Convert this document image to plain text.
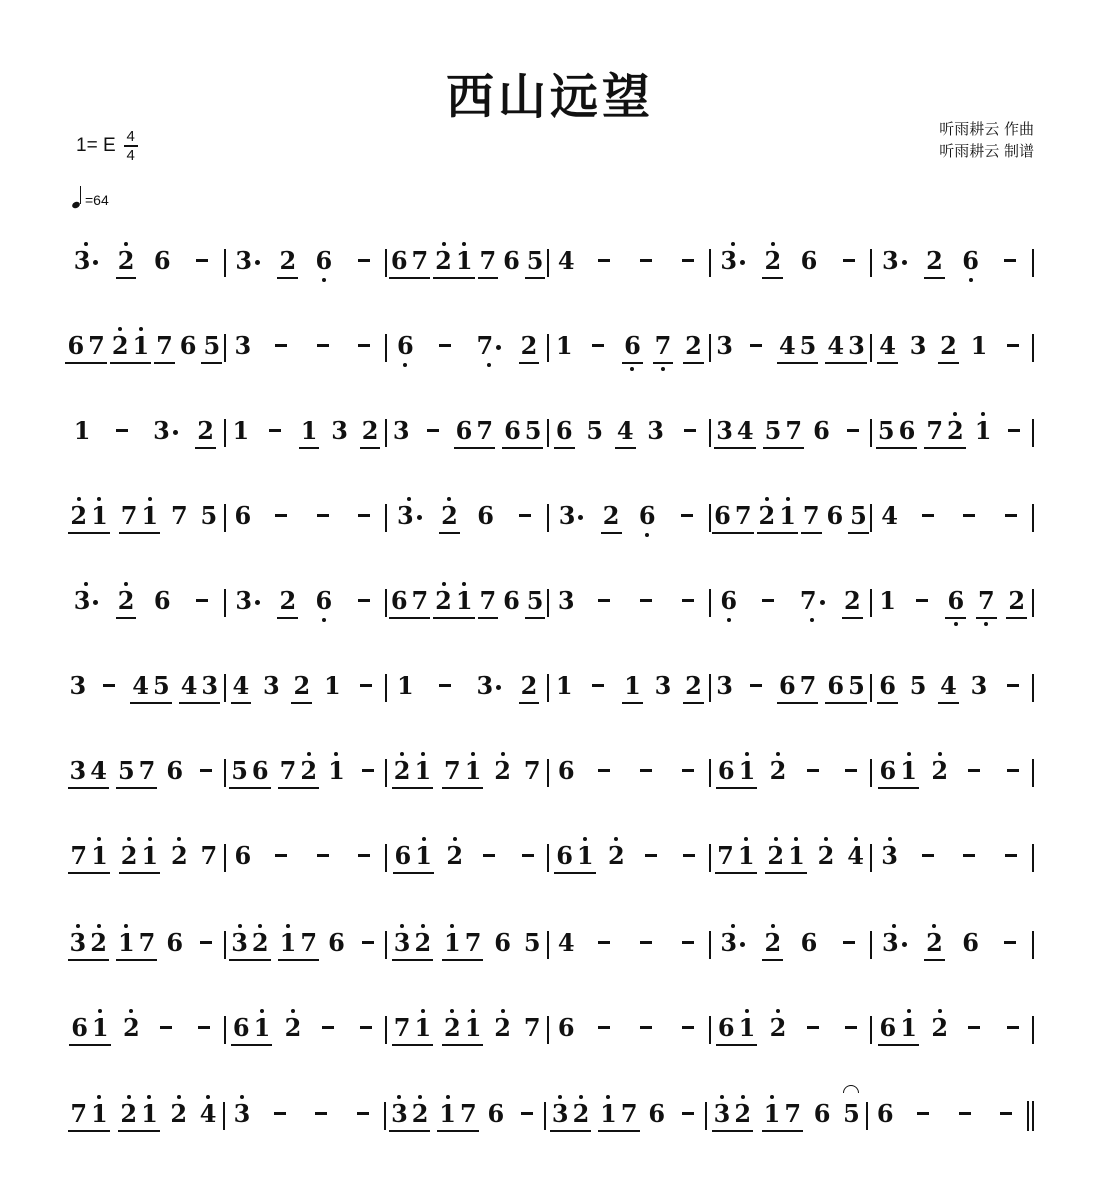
西山远望
听雨耕云 作曲
听雨耕云 制谱
1= E 4
4
=64
3	2 6	3	2 6 6 7 2 1 7 6 5 4	3	2 6	3	2 6
6 7 2 1 7 6 5 3	6	7	2 1 6 7 2 3 4 5 4 3 4 3 2 1
1	3	2 1 1 3 2 3 6 7 6 5 6 5 4 3 3 4 5 7 6 5 6 7 2 1
2 1 7 1 7 5 6	3	2 6	3	2 6 6 7 2 1 7 6 5 4
3	2 6	3	2 6 6 7 2 1 7 6 5 3	6	7	2 1 6 7 2
3 4 5 4 3 4 3 2 1 1	3	2 1 1 3 2 3 6 7 6 5 6 5 4 3
3 4 5 7 6 5 6 7 2 1 2 1 7 1 2 7 6	6 1 2	6 1 2
7 1 2 1 2 7 6	6 1 2	6 1 2	7 1 2 1 2 4 3
3 2 1 7 6 3 2 1 7 6 3 2 1 7 6 5 4	3	2 6	3	2 6
6 1 2	6 1 2	7 1 2 1 2 7 6	6 1 2	6 1 2
7 1 2 1 2 4 3	3 2 1 7 6 3 2 1 7 6 3 2 1 7 6 5 6
